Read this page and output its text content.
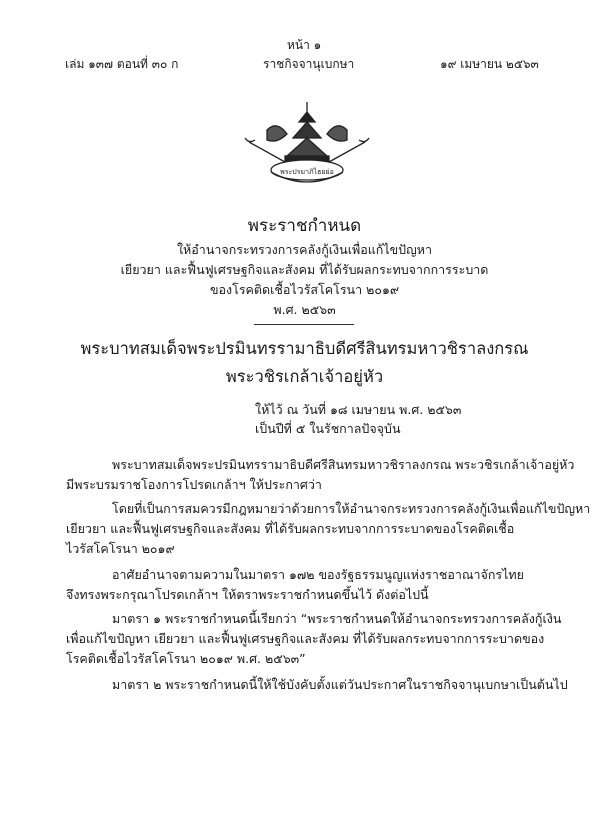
หน้า ๑
เล่ม ๑๓๗ ตอนที่ ๓๐ ก	ราชกิจจานุเบกษา	๑๙ เมษายน ๒๕๖๓
พระปรมาภิไธยย่อ
พระราชกำหนด
ให้อำนาจกระทรวงการคลังกู้เงินเพื่อแก้ไขปัญหา
เยียวยา และฟื้นฟูเศรษฐกิจและสังคม ที่ได้รับผลกระทบจากการระบาด
ของโรคติดเชื้อไวรัสโคโรนา ๒๐๑๙
พ.ศ. ๒๕๖๓
พระบาทสมเด็จพระปรมินทรรามาธิบดีศรีสินทรมหาวชิราลงกรณ
พระวชิรเกล้าเจ้าอยู่หัว
ให้ไว้ ณ วันที่ ๑๘ เมษายน พ.ศ. ๒๕๖๓
เป็นปีที่ ๕ ในรัชกาลปัจจุบัน
พระบาทสมเด็จพระปรมินทรรามาธิบดีศรีสินทรมหาวชิราลงกรณ พระวชิรเกล้าเจ้าอยู่หัว
มีพระบรมราชโองการโปรดเกล้าฯ ให้ประกาศว่า
โดยที่เป็นการสมควรมีกฎหมายว่าด้วยการให้อำนาจกระทรวงการคลังกู้เงินเพื่อแก้ไขปัญหา
เยียวยา และฟื้นฟูเศรษฐกิจและสังคม ที่ได้รับผลกระทบจากการระบาดของโรคติดเชื้อ
ไวรัสโคโรนา ๒๐๑๙
อาศัยอำนาจตามความในมาตรา ๑๗๒ ของรัฐธรรมนูญแห่งราชอาณาจักรไทย
จึงทรงพระกรุณาโปรดเกล้าฯ ให้ตราพระราชกำหนดขึ้นไว้ ดังต่อไปนี้
มาตรา ๑ พระราชกำหนดนี้เรียกว่า “พระราชกำหนดให้อำนาจกระทรวงการคลังกู้เงิน
เพื่อแก้ไขปัญหา เยียวยา และฟื้นฟูเศรษฐกิจและสังคม ที่ได้รับผลกระทบจากการระบาดของ
โรคติดเชื้อไวรัสโคโรนา ๒๐๑๙ พ.ศ. ๒๕๖๓”
มาตรา ๒ พระราชกำหนดนี้ให้ใช้บังคับตั้งแต่วันประกาศในราชกิจจานุเบกษาเป็นต้นไป
